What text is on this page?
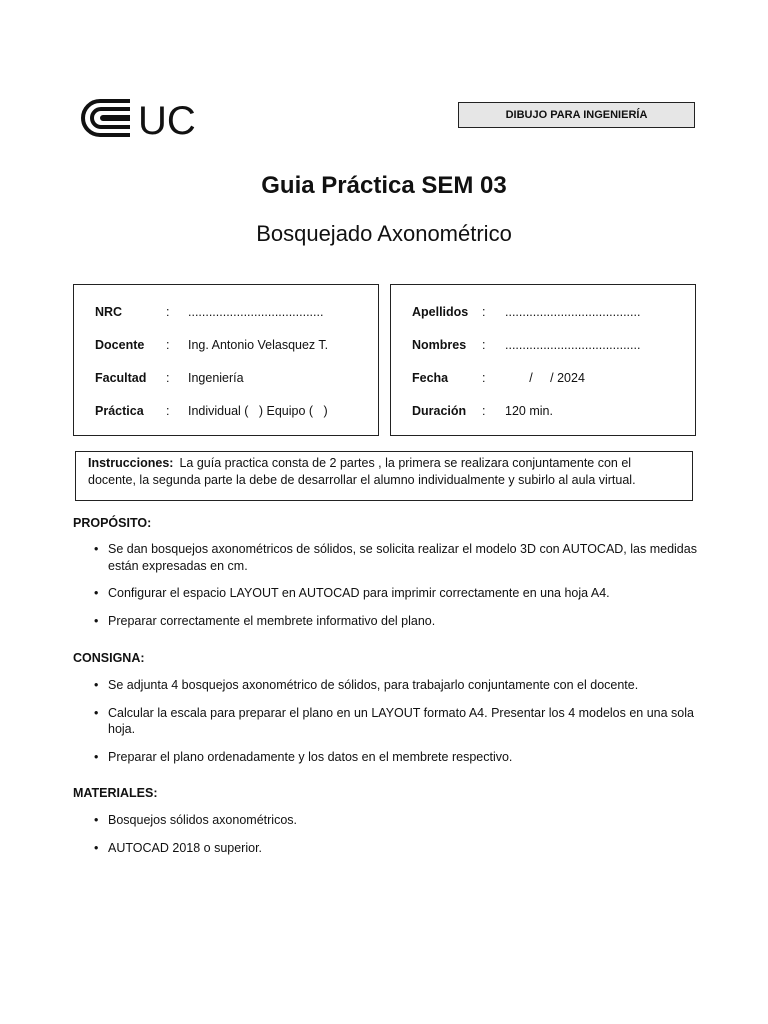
UC	DIBUJO PARA INGENIERÍA
Guia Práctica SEM 03
Bosquejado Axonométrico
NRC	: .......................................
Docente : Ing. Antonio Velasquez T.
Facultad : Ingeniería
Práctica : Individual (   ) Equipo (   )
Apellidos : .......................................
Nombres : .......................................
Fecha	: /     / 2024
Duración : 120 min.
Instrucciones: La guía practica consta de 2 partes , la primera se realizara conjuntamente con el docente, la segunda parte la debe de desarrollar el alumno individualmente y subirlo al aula virtual.
PROPÓSITO:
• Se dan bosquejos axonométricos de sólidos, se solicita realizar el modelo 3D con AUTOCAD, las medidas están expresadas en cm.
• Configurar el espacio LAYOUT en AUTOCAD para imprimir correctamente en una hoja A4.
• Preparar correctamente el membrete informativo del plano.
CONSIGNA:
• Se adjunta 4 bosquejos axonométrico de sólidos, para trabajarlo conjuntamente con el docente.
• Calcular la escala para preparar el plano en un LAYOUT formato A4. Presentar los 4 modelos en una sola hoja.
• Preparar el plano ordenadamente y los datos en el membrete respectivo.
MATERIALES:
• Bosquejos sólidos axonométricos.
• AUTOCAD 2018 o superior.
